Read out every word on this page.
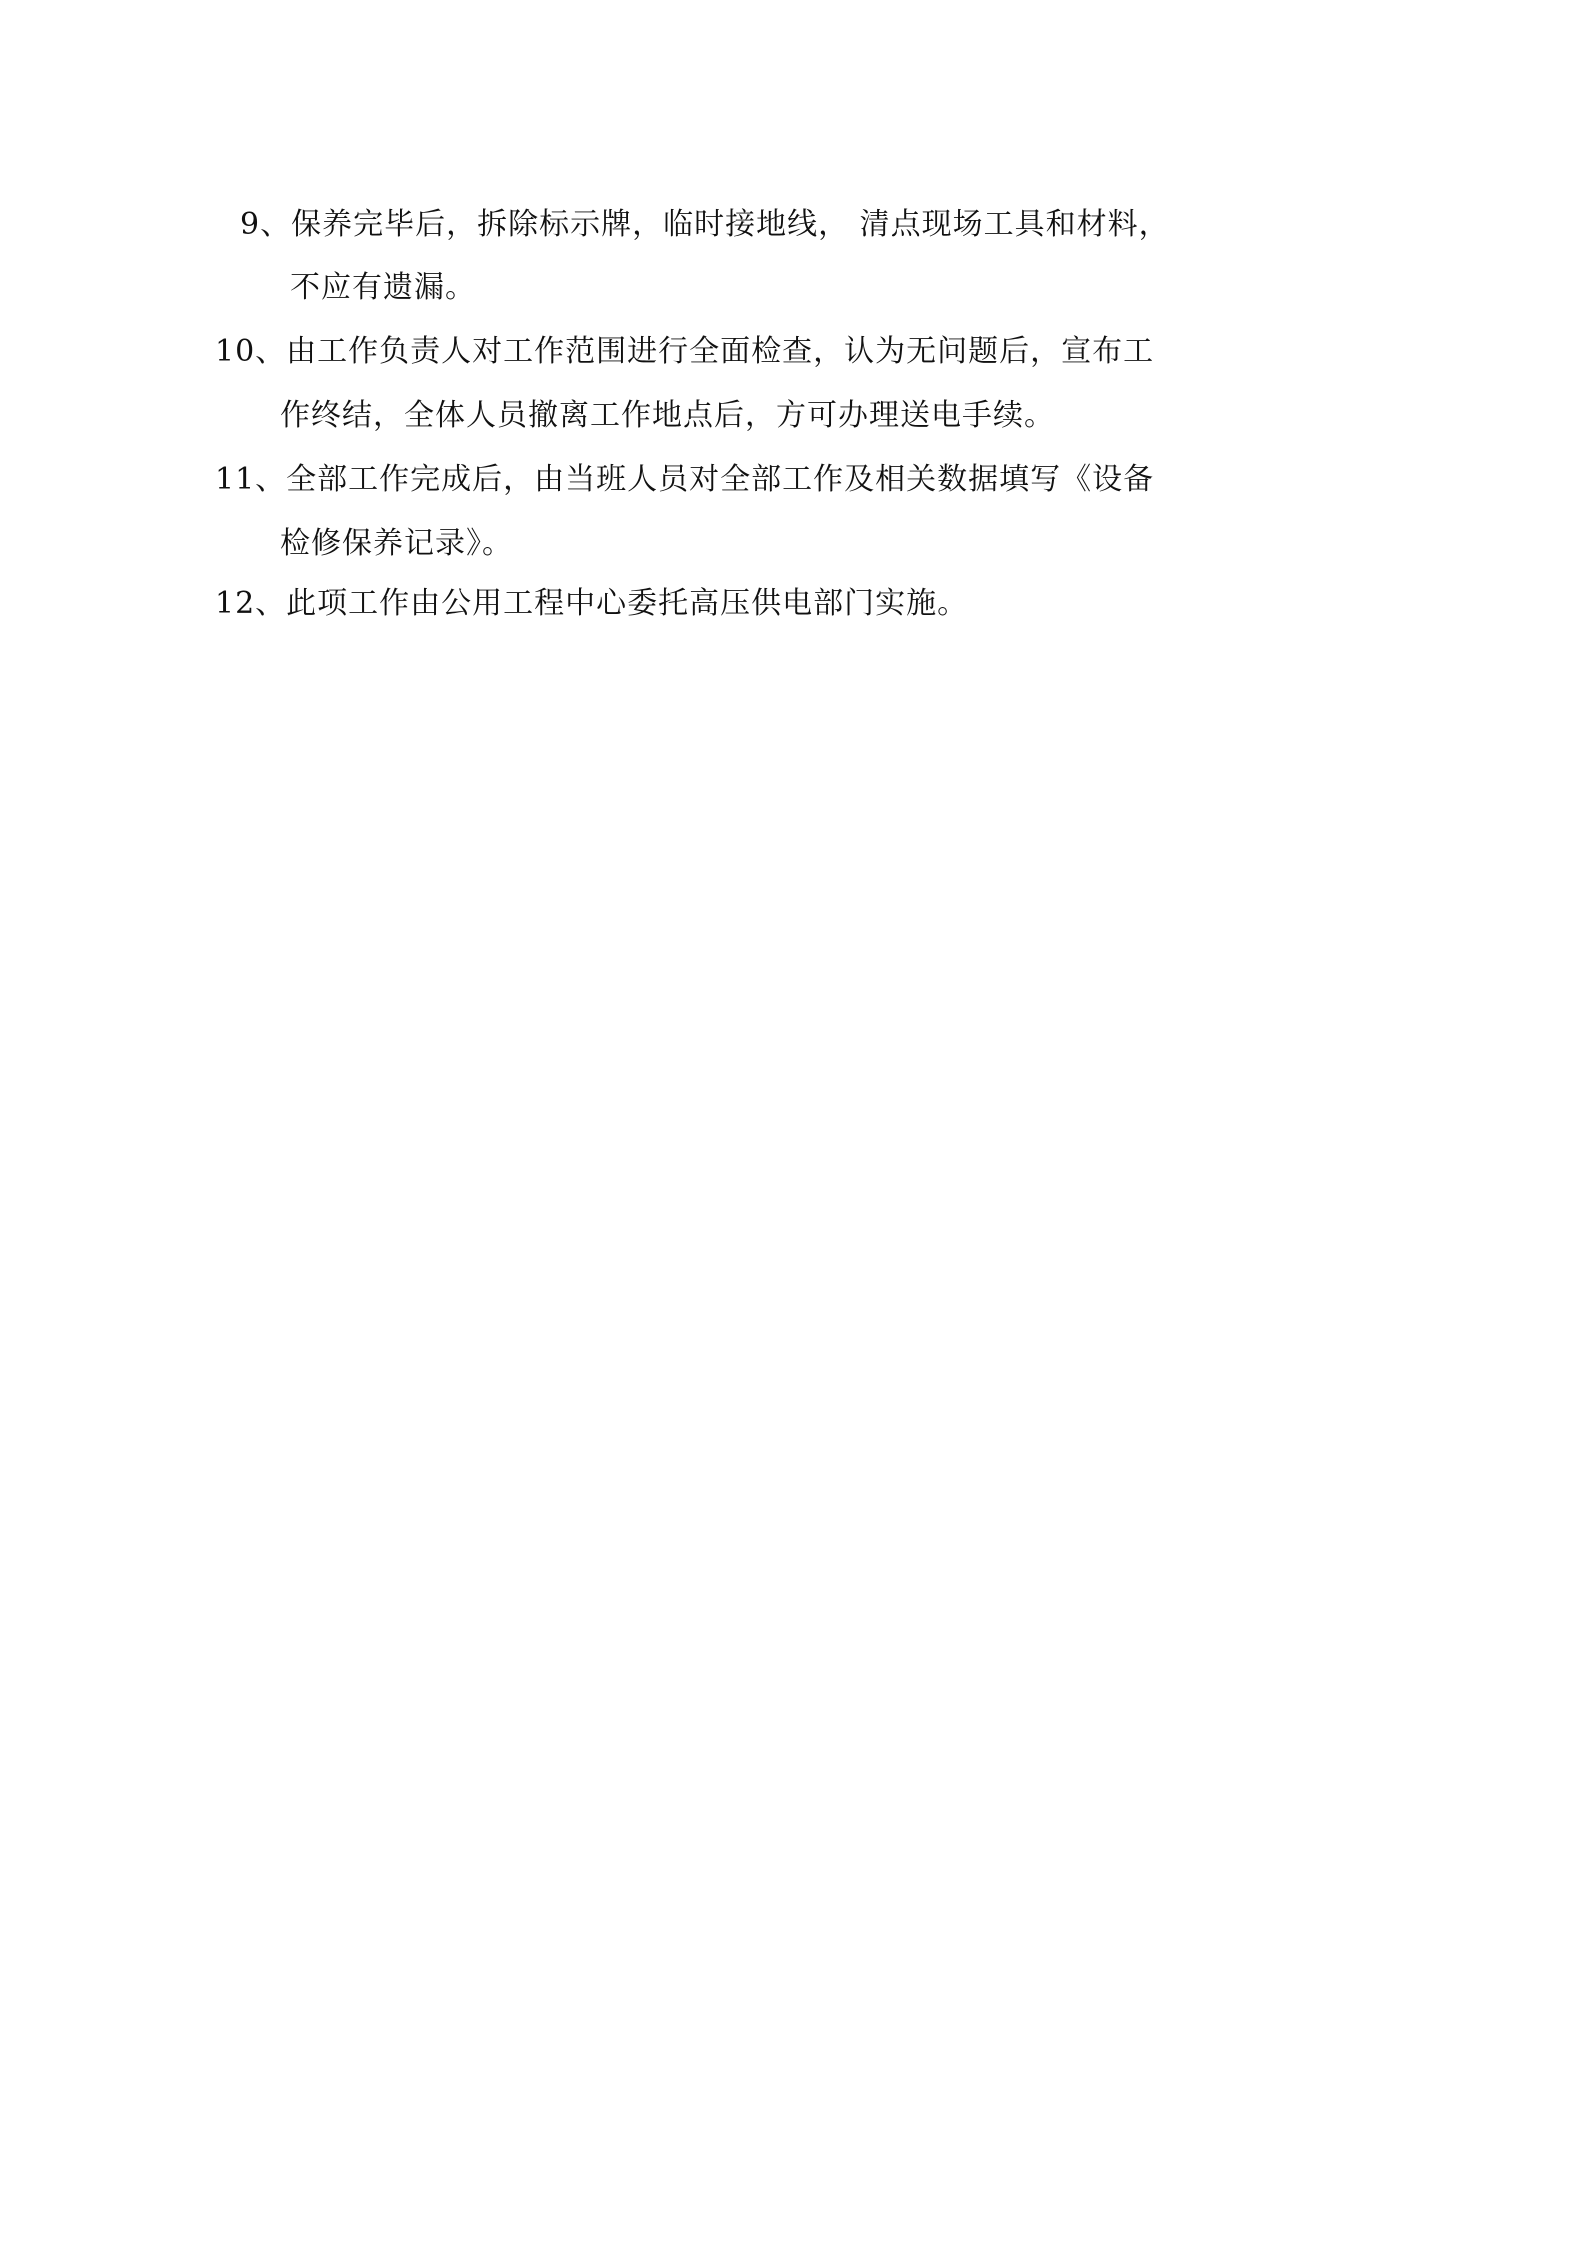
9、保养完毕后，拆除标示牌，临时接地线， 清点现场工具和材料，
不应有遗漏。
10、由工作负责人对工作范围进行全面检查，认为无问题后，宣布工
作终结，全体人员撤离工作地点后，方可办理送电手续。
11、全部工作完成后，由当班人员对全部工作及相关数据填写《设备
检修保养记录》。
12、此项工作由公用工程中心委托高压供电部门实施。
